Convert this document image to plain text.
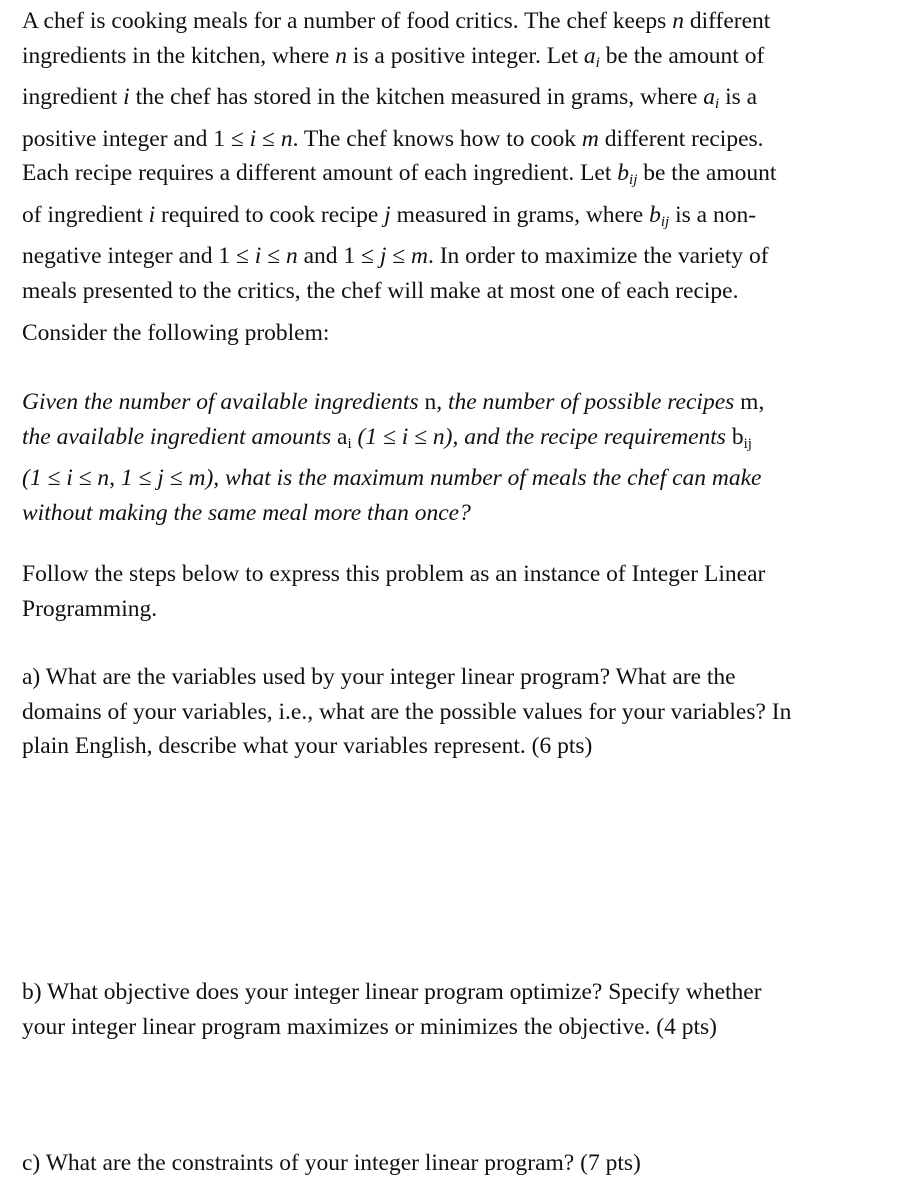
A chef is cooking meals for a number of food critics. The chef keeps n different
ingredients in the kitchen, where n is a positive integer. Let $a_i$ be the amount of
ingredient i the chef has stored in the kitchen measured in grams, where $a_i$ is a
positive integer and 1 ≤ i ≤ n. The chef knows how to cook m different recipes.
Each recipe requires a different amount of each ingredient. Let $b_{ij}$ be the amount
of ingredient i required to cook recipe j measured in grams, where $b_{ij}$ is a non-
negative integer and 1 ≤ i ≤ n and 1 ≤ j ≤ m. In order to maximize the variety of
meals presented to the critics, the chef will make at most one of each recipe.

Consider the following problem:

Given the number of available ingredients n, the number of possible recipes m,
the available ingredient amounts ai (1 ≤ i ≤ n), and the recipe requirements bij
(1 ≤ i ≤ n, 1 ≤ j ≤ m), what is the maximum number of meals the chef can make
without making the same meal more than once?

Follow the steps below to express this problem as an instance of Integer Linear
Programming.

a) What are the variables used by your integer linear program? What are the
domains of your variables, i.e., what are the possible values for your variables? In
plain English, describe what your variables represent. (6 pts)

b) What objective does your integer linear program optimize? Specify whether
your integer linear program maximizes or minimizes the objective. (4 pts)

c) What are the constraints of your integer linear program? (7 pts)
